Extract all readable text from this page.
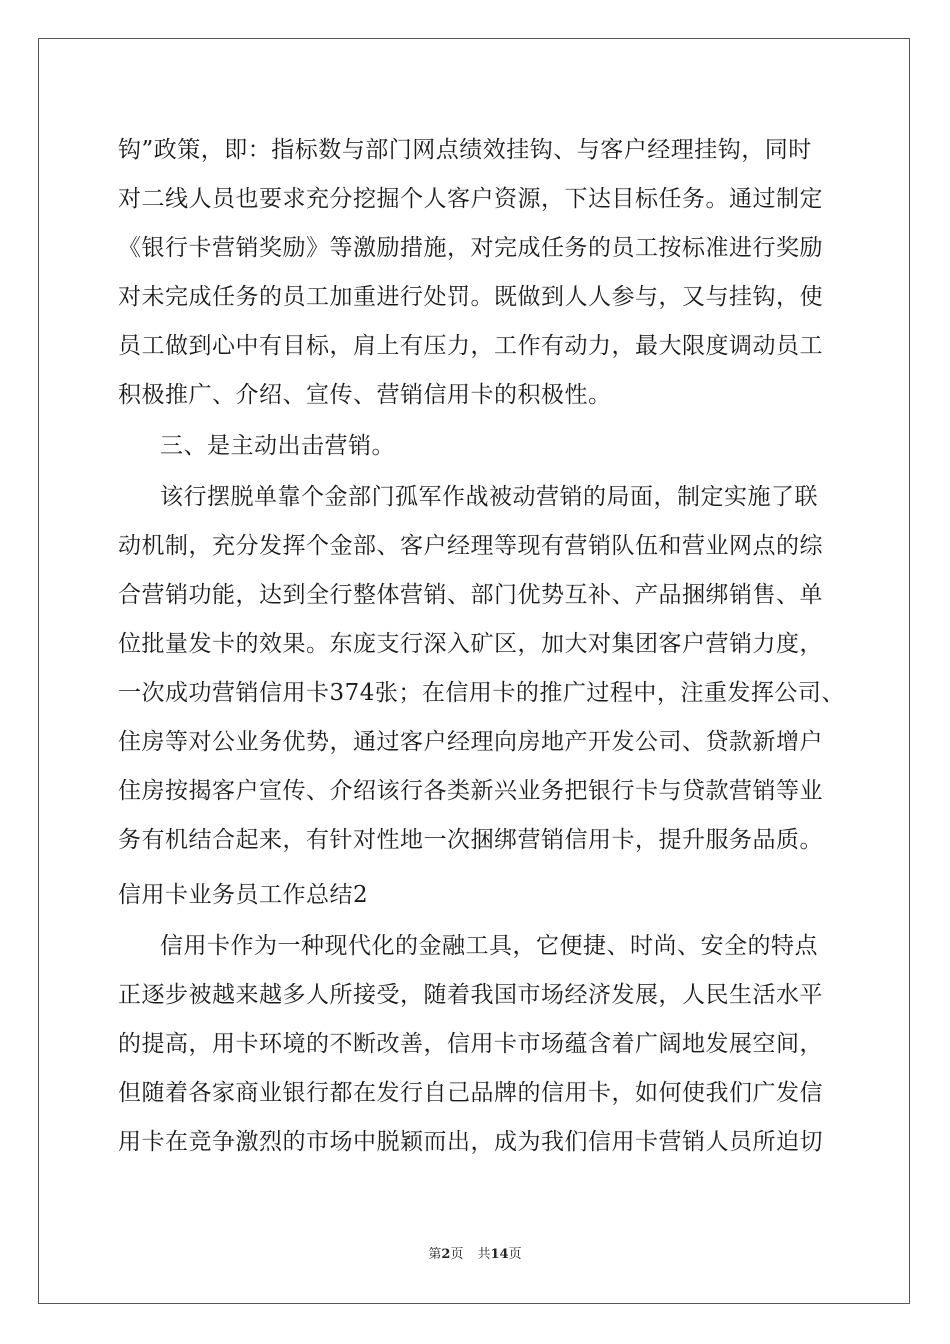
钩”政策，即：指标数与部门网点绩效挂钩、与客户经理挂钩，同时
对二线人员也要求充分挖掘个人客户资源，下达目标任务。通过制定
《银行卡营销奖励》等激励措施，对完成任务的员工按标准进行奖励
对未完成任务的员工加重进行处罚。既做到人人参与，又与挂钩，使
员工做到心中有目标，肩上有压力，工作有动力，最大限度调动员工
积极推广、介绍、宣传、营销信用卡的积极性。
三、是主动出击营销。
该行摆脱单靠个金部门孤军作战被动营销的局面，制定实施了联
动机制，充分发挥个金部、客户经理等现有营销队伍和营业网点的综
合营销功能，达到全行整体营销、部门优势互补、产品捆绑销售、单
位批量发卡的效果。东庞支行深入矿区，加大对集团客户营销力度，
一次成功营销信用卡374张；在信用卡的推广过程中，注重发挥公司、
住房等对公业务优势，通过客户经理向房地产开发公司、贷款新增户
住房按揭客户宣传、介绍该行各类新兴业务把银行卡与贷款营销等业
务有机结合起来，有针对性地一次捆绑营销信用卡，提升服务品质。
信用卡业务员工作总结2
信用卡作为一种现代化的金融工具，它便捷、时尚、安全的特点
正逐步被越来越多人所接受，随着我国市场经济发展，人民生活水平
的提高，用卡环境的不断改善，信用卡市场蕴含着广阔地发展空间，
但随着各家商业银行都在发行自己品牌的信用卡，如何使我们广发信
用卡在竞争激烈的市场中脱颖而出，成为我们信用卡营销人员所迫切
第2页 共14页
